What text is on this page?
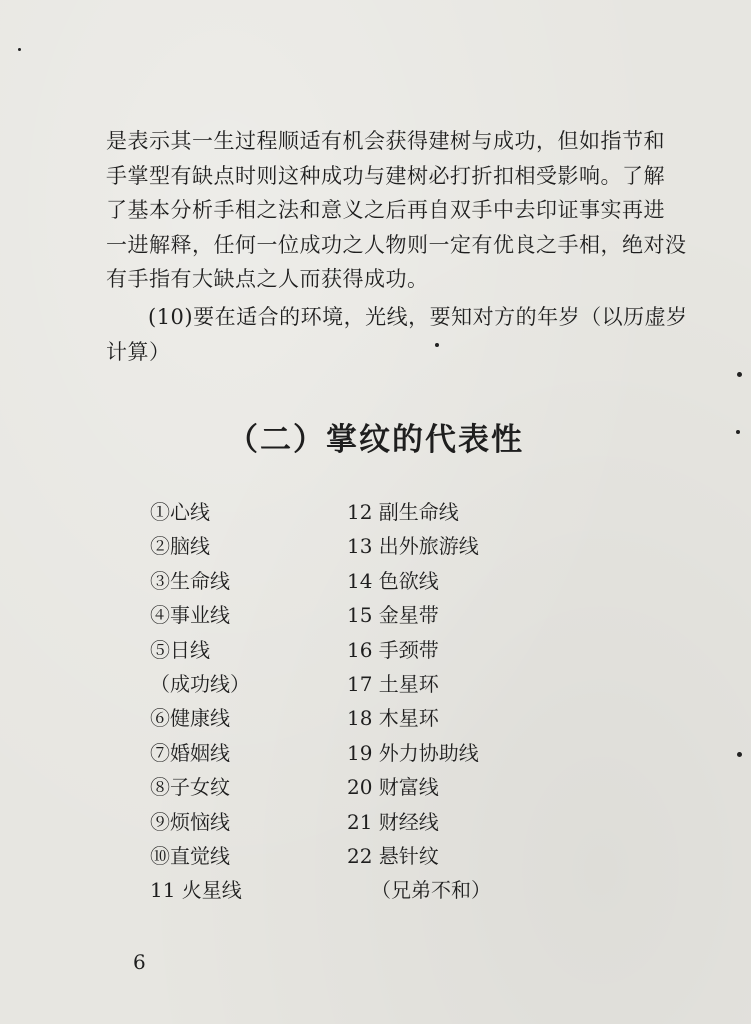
是表示其一生过程顺适有机会获得建树与成功，但如指节和
手掌型有缺点时则这种成功与建树必打折扣相受影响。了解
了基本分析手相之法和意义之后再自双手中去印证事实再进
一进解释，任何一位成功之人物则一定有优良之手相，绝对没
有手指有大缺点之人而获得成功。

(10)要在适合的环境，光线，要知对方的年岁（以历虚岁
计算）

（二）掌纹的代表性
①心线
②脑线
③生命线
④事业线
⑤日线
（成功线）
⑥健康线
⑦婚姻线
⑧子女纹
⑨烦恼线
⑩直觉线
11 火星线
12 副生命线
13 出外旅游线
14 色欲线
15 金星带
16 手颈带
17 土星环
18 木星环
19 外力协助线
20 财富线
21 财经线
22 悬针纹
（兄弟不和）
6
